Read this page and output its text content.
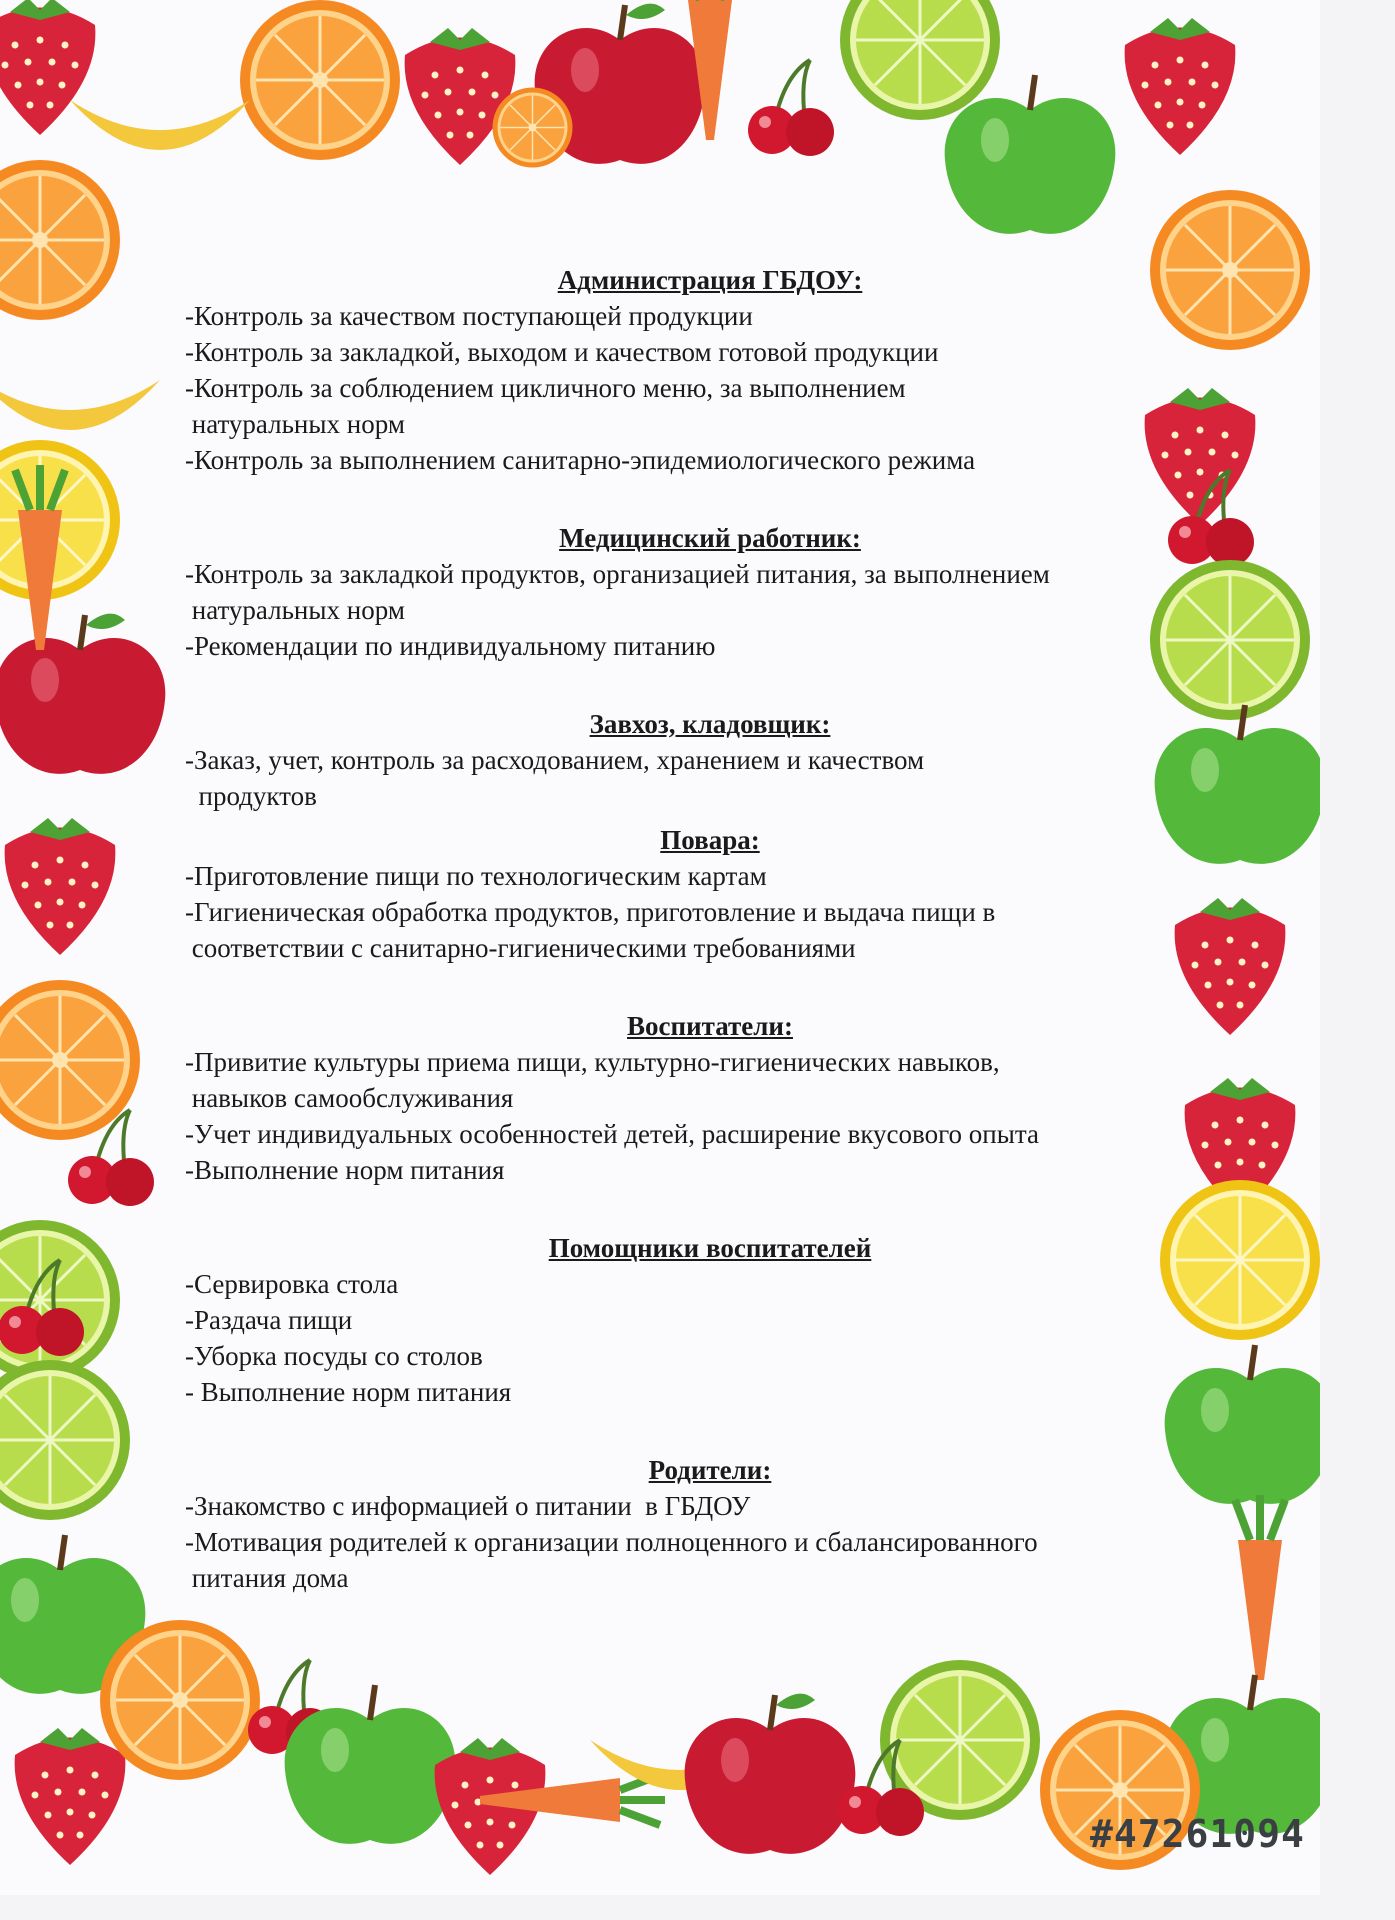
Администрация ГБДОУ:

-Контроль за качеством поступающей продукции

-Контроль за закладкой, выходом и качеством готовой продукции

-Контроль за соблюдением цикличного меню, за выполнением

натуральных норм

-Контроль за выполнением санитарно-эпидемиологического режима

Медицинский работник:

-Контроль за закладкой продуктов, организацией питания, за выполнением

натуральных норм

-Рекомендации по индивидуальному питанию

Завхоз, кладовщик:

-Заказ, учет, контроль за расходованием, хранением и качеством

продуктов

Повара:

-Приготовление пищи по технологическим картам

-Гигиеническая обработка продуктов, приготовление и выдача пищи в

соответствии с санитарно-гигиеническими требованиями

Воспитатели:

-Привитие культуры приема пищи, культурно-гигиенических навыков,

навыков самообслуживания

-Учет индивидуальных особенностей детей, расширение вкусового опыта

-Выполнение норм питания

Помощники воспитателей

-Сервировка стола

-Раздача пищи

-Уборка посуды со столов

- Выполнение норм питания

Родители:

-Знакомство с информацией о питании  в ГБДОУ

-Мотивация родителей к организации полноценного и сбалансированного

питания дома

#47261094
